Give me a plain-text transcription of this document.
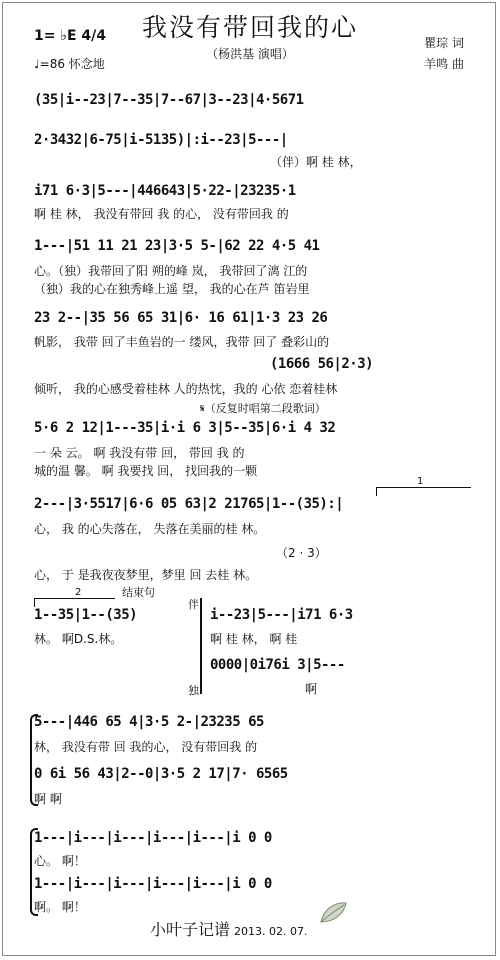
我没有带回我的心
（杨洪基 演唱）
1= ♭E 4/4
♩=86 怀念地
瞿琮 词
羊鸣 曲
(35|i--23|7--35|7--67|3--23|4·5671
2·3432|6-75|i-5135)|:i--23|5---|
（伴）啊 桂 林，
i71 6·3|5---|446643|5·22-|23235·1
啊 桂 林， 我没有带回 我 的心， 没有带回我 的
1---|51 11 21 23|3·5 5-|62 22 4·5 41
心。（独）我带回了阳 朔的峰 岚， 我带回了漓 江的
（独）我的心在独秀峰上遥 望， 我的心在芦 笛岩里
23 2--|35 56 65 31|6· 16 61|1·3 23 26
帆影， 我带 回了丰鱼岩的一 缕风，我带 回了 叠彩山的
(1666 56|2·3)
倾听， 我的心感受着桂林 人的热忱，我的 心依 恋着桂林
𝄋（反复时唱第二段歌词）
5·6 2 12|1---35|i·i 6 3|5--35|6·i 4 32
一 朵 云。 啊 我没有带 回， 带回 我 的
城的温 馨。 啊 我要找 回， 找回我的一颗
1
2---|3·5517|6·6 05 63|2 21765|1--(35):|
心， 我 的心失落在， 失落在美丽的桂 林。
心， 于 是我夜夜梦里，梦里 回 去桂 林。
（2 · 3）
2	结束句
1--35|1--(35)
林。 啊D.S.林。
伴
独
i--23|5---|i71 6·3
啊 桂 林， 啊 桂
0000|0i76i 3|5---
啊
5---|446 65 4|3·5 2-|23235 65
林， 我没有带 回 我的心， 没有带回我 的
0 6i 56 43|2--0|3·5 2 17|7· 6565
啊 啊
1---|i---|i---|i---|i---|i 0 0
心。 啊！
1---|i---|i---|i---|i---|i 0 0
啊。 啊！
小叶子记谱 2013. 02. 07.
